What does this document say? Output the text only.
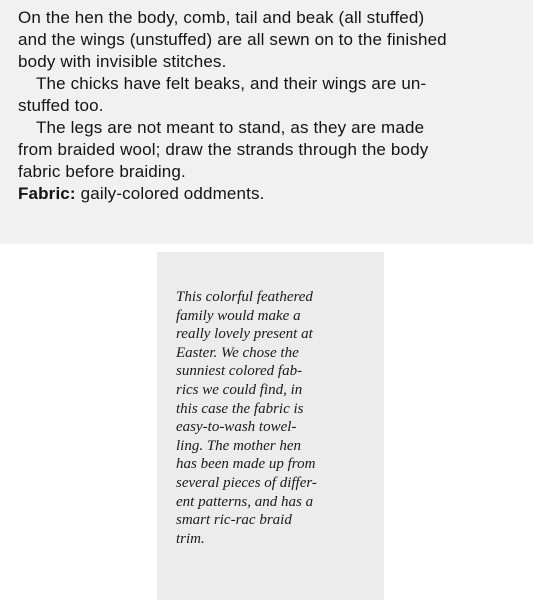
On the hen the body, comb, tail and beak (all stuffed)
and the wings (unstuffed) are all sewn on to the finished
body with invisible stitches.
The chicks have felt beaks, and their wings are un-
stuffed too.
The legs are not meant to stand, as they are made
from braided wool; draw the strands through the body
fabric before braiding.
Fabric: gaily-colored oddments.
This colorful feathered
family would make a
really lovely present at
Easter. We chose the
sunniest colored fab-
rics we could find, in
this case the fabric is
easy-to-wash towel-
ling. The mother hen
has been made up from
several pieces of differ-
ent patterns, and has a
smart ric-rac braid
trim.
